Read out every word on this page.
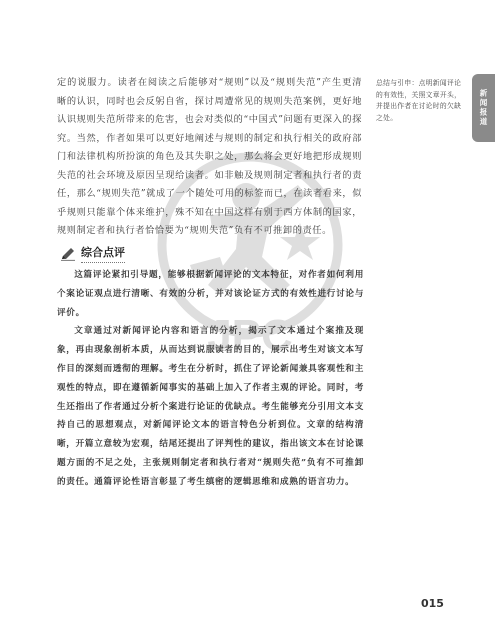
JPC

定的说服力。读者在阅读之后能够对“规则”以及“规则失范”产生更清晰的认识，同时也会反躬自省，探讨周遭常见的规则失范案例，更好地认识规则失范所带来的危害，也会对类似的“中国式”问题有更深入的探究。当然，作者如果可以更好地阐述与规则的制定和执行相关的政府部门和法律机构所扮演的角色及其失职之处，那么将会更好地把形成规则失范的社会环境及原因呈现给读者。如非触及规则制定者和执行者的责任，那么“规则失范”就成了一个随处可用的标签而已，在读者看来，似乎规则只能靠个体来维护，殊不知在中国这样有别于西方体制的国家，规则制定者和执行者恰恰要为“规则失范”负有不可推卸的责任。

总结与引申：点明新闻评论的有效性，关照文章开头，并提出作者在讨论时的欠缺之处。	新闻报道
综合点评

这篇评论紧扣引导题，能够根据新闻评论的文本特征，对作者如何利用个案论证观点进行清晰、有效的分析，并对该论证方式的有效性进行讨论与评价。

文章通过对新闻评论内容和语言的分析，揭示了文本通过个案推及现象，再由现象剖析本质，从而达到说服读者的目的，展示出考生对该文本写作目的深刻而透彻的理解。考生在分析时，抓住了评论新闻兼具客观性和主观性的特点，即在遵循新闻事实的基础上加入了作者主观的评论。同时，考生还指出了作者通过分析个案进行论证的优缺点。考生能够充分引用文本支持自己的思想观点，对新闻评论文本的语言特色分析到位。文章的结构清晰，开篇立意较为宏观，结尾还提出了评判性的建议，指出该文本在讨论课题方面的不足之处，主张规则制定者和执行者对“规则失范”负有不可推卸的责任。通篇评论性语言彰显了考生缜密的逻辑思维和成熟的语言功力。

015
